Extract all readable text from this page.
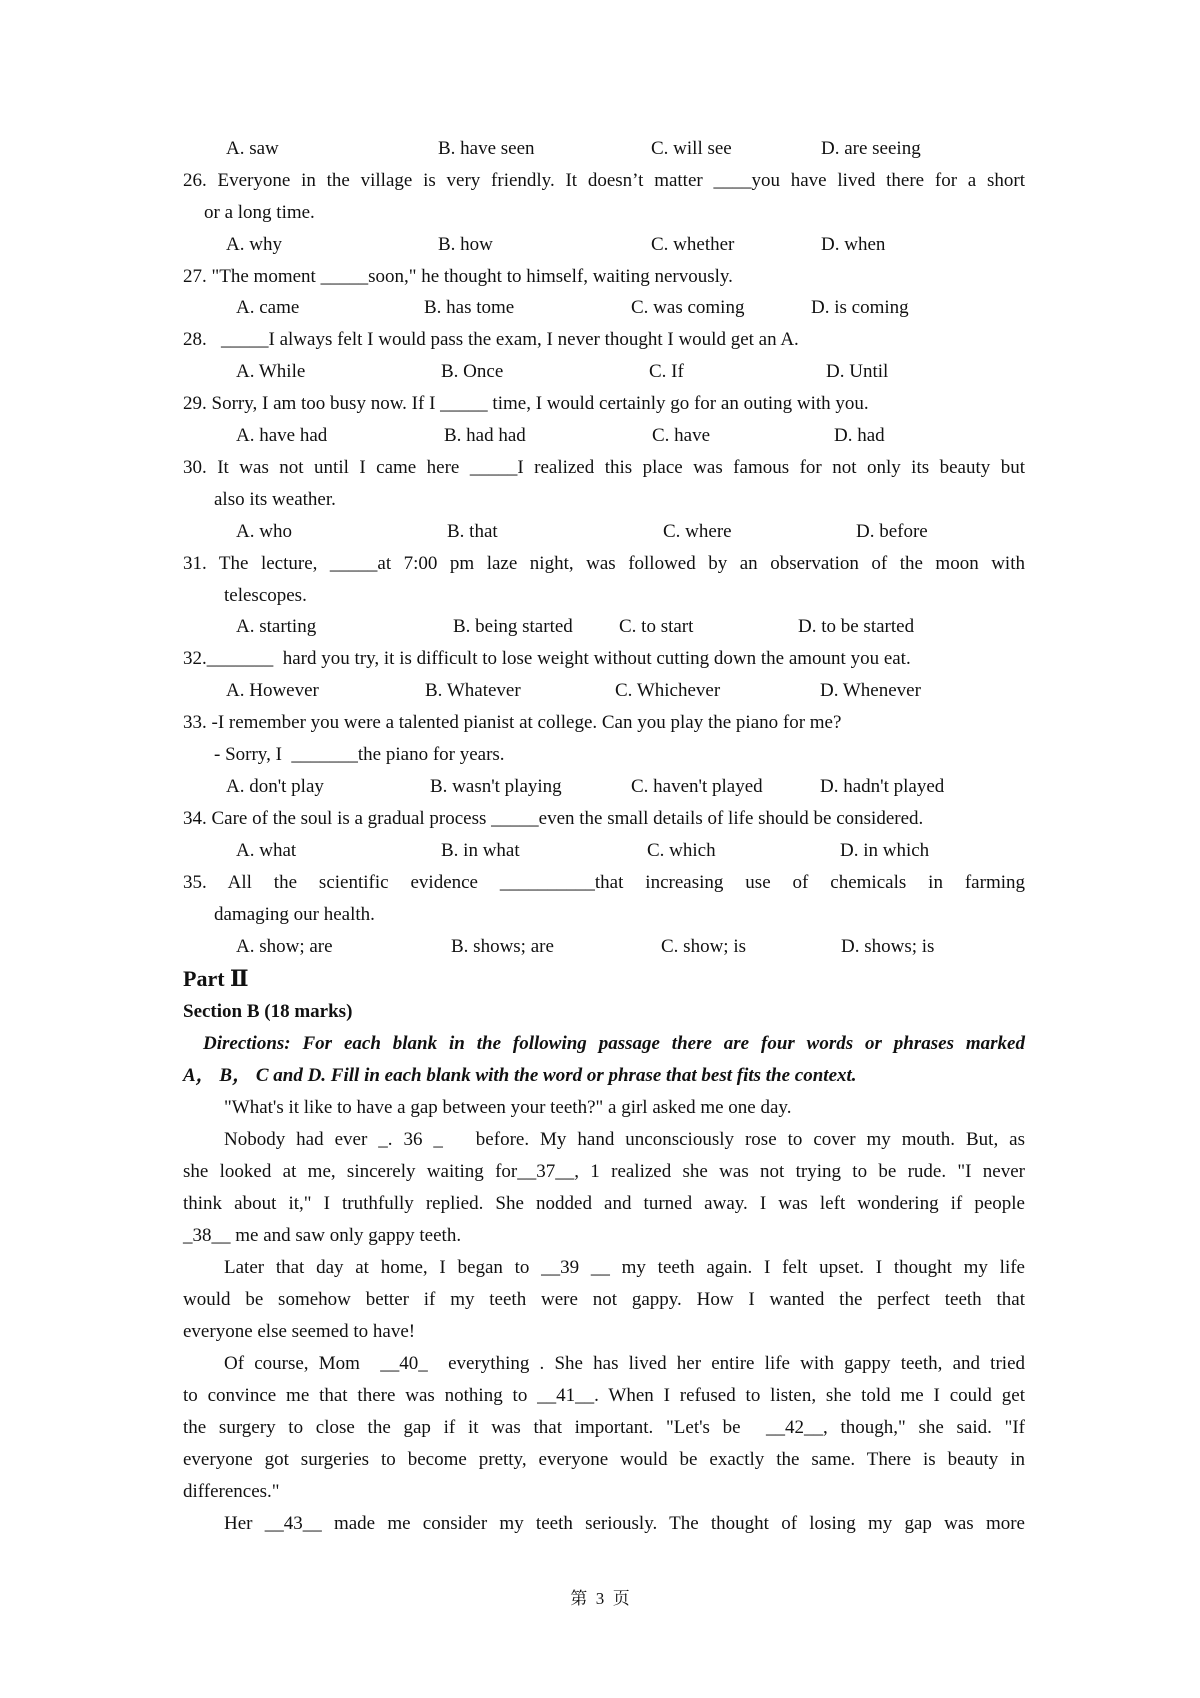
A. saw	B. have seen	C. will see	D. are seeing
26. Everyone in the village is very friendly. It doesn’t matter ____you have lived there for a short
or a long time.
A. why	B. how	C. whether	D. when
27. "The moment _____soon," he thought to himself, waiting nervously.
A. came	B. has tome	C. was coming	D. is coming
28.   _____I always felt I would pass the exam, I never thought I would get an A.
A. While	B. Once	C. If	D. Until
29. Sorry, I am too busy now. If I _____ time, I would certainly go for an outing with you.
A. have had	B. had had	C. have	D. had
30. It was not until I came here _____I realized this place was famous for not only its beauty but
also its weather.
A. who	B. that	C. where	D. before
31. The lecture, _____at 7:00 pm laze night, was followed by an observation of the moon with
telescopes.
A. starting	B. being started C. to start	D. to be started
32._______  hard you try, it is difficult to lose weight without cutting down the amount you eat.
A. However	B. Whatever	C. Whichever	D. Whenever
33. -I remember you were a talented pianist at college. Can you play the piano for me?
- Sorry, I  _______the piano for years.
A. don't play	B. wasn't playing	C. haven't played	D. hadn't played
34. Care of the soul is a gradual process _____even the small details of life should be considered.
A. what	B. in what	C. which	D. in which
35. All the scientific evidence __________that increasing use of chemicals in farming
damaging our health.
A. show; are	B. shows; are	C. show; is	D. shows; is
Part Ⅱ
Section B (18 marks)
Directions: For each blank in the following passage there are four words or phrases marked
A， B， C and D. Fill in each blank with the word or phrase that best fits the context.
"What's it like to have a gap between your teeth?" a girl asked me one day.
Nobody had ever _. 36 _   before. My hand unconsciously rose to cover my mouth. But, as
she looked at me, sincerely waiting for__37__, 1 realized she was not trying to be rude. "I never
think about it," I truthfully replied. She nodded and turned away. I was left wondering if people
_38__ me and saw only gappy teeth.
Later that day at home, I began to __39 __ my teeth again. I felt upset. I thought my life
would be somehow better if my teeth were not gappy. How I wanted the perfect teeth that
everyone else seemed to have!
Of course, Mom  __40_  everything . She has lived her entire life with gappy teeth, and tried
to convince me that there was nothing to __41__. When I refused to listen, she told me I could get
the surgery to close the gap if it was that important. "Let's be  __42__, though," she said. "If
everyone got surgeries to become pretty, everyone would be exactly the same. There is beauty in
differences."
Her __43__ made me consider my teeth seriously. The thought of losing my gap was more
第  3  页
